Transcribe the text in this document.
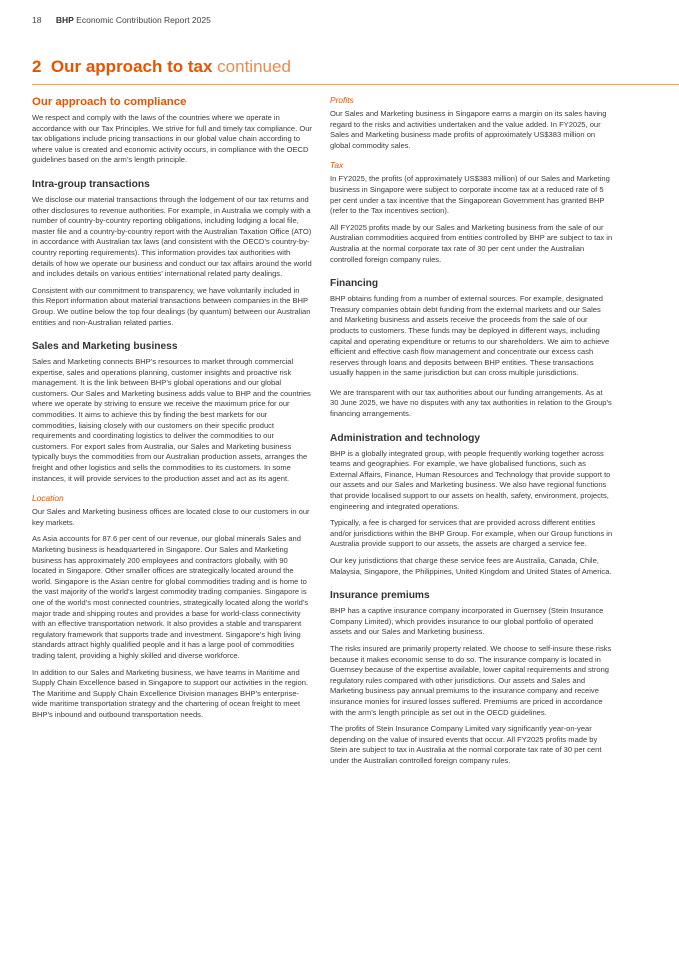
18 BHP Economic Contribution Report 2025
2  Our approach to tax continued
Our approach to compliance

We respect and comply with the laws of the countries where we operate in accordance with our Tax Principles. We strive for full and timely tax compliance. Our tax obligations include pricing transactions in our global value chain according to where value is created and economic activity occurs, in compliance with the OECD guidelines based on the arm’s length principle.

Intra-group transactions

We disclose our material transactions through the lodgement of our tax returns and other disclosures to revenue authorities. For example, in Australia we comply with a number of country-by-country reporting obligations, including lodging a local file, master file and a country-by-country report with the Australian Taxation Office (ATO) in accordance with Australian tax laws (and consistent with the OECD’s country-by-country reporting requirements). This information provides tax authorities with details of how we operate our business and conduct our tax affairs around the world and includes details on various entities’ international related party dealings.

Consistent with our commitment to transparency, we have voluntarily included in this Report information about material transactions between companies in the BHP Group. We outline below the top four dealings (by quantum) between our Australian entities and non-Australian related parties.

Sales and Marketing business

Sales and Marketing connects BHP’s resources to market through commercial expertise, sales and operations planning, customer insights and proactive risk management. It is the link between BHP’s global operations and our global customers. Our Sales and Marketing business adds value to BHP and the countries where we operate by striving to ensure we receive the maximum price for our commodities. It aims to achieve this by finding the best markets for our commodities, liaising closely with our customers on their specific product requirements and coordinating logistics to deliver the commodities to our customers. For export sales from Australia, our Sales and Marketing business typically buys the commodities from our Australian production assets, arranges the freight and other logistics and sells the commodities to its customers. In some instances, it will provide services to the production asset and act as its agent.

Location

Our Sales and Marketing business offices are located close to our customers in our key markets.

As Asia accounts for 87.6 per cent of our revenue, our global minerals Sales and Marketing business is headquartered in Singapore. Our Sales and Marketing business has approximately 200 employees and contractors globally, with 90 located in Singapore. Other smaller offices are strategically located around the world. Singapore is the Asian centre for global commodities trading and is home to the vast majority of the world’s largest commodity trading companies. Singapore is one of the world’s most connected countries, strategically located along the world’s major trade and shipping routes and provides a base for world-class connectivity with an effective transportation network. It also provides a stable and transparent regulatory framework that supports trade and investment. Singapore’s high living standards attract highly qualified people and it has a large pool of commodities trading talent, providing a highly skilled and diverse workforce.

In addition to our Sales and Marketing business, we have teams in Maritime and Supply Chain Excellence based in Singapore to support our activities in the region. The Maritime and Supply Chain Excellence Division manages BHP’s enterprise-wide maritime transportation strategy and the chartering of ocean freight to meet BHP’s inbound and outbound transportation needs.

Profits

Our Sales and Marketing business in Singapore earns a margin on its sales having regard to the risks and activities undertaken and the value added. In FY2025, our Sales and Marketing business made profits of approximately US$383 million on global commodity sales.

Tax

In FY2025, the profits (of approximately US$383 million) of our Sales and Marketing business in Singapore were subject to corporate income tax at a reduced rate of 5 per cent under a tax incentive that the Singaporean Government has granted BHP (refer to the Tax incentives section).

All FY2025 profits made by our Sales and Marketing business from the sale of our Australian commodities acquired from entities controlled by BHP are subject to tax in Australia at the normal corporate tax rate of 30 per cent under the Australian controlled foreign company rules.

Financing

BHP obtains funding from a number of external sources. For example, designated Treasury companies obtain debt funding from the external markets and our Sales and Marketing business and assets receive the proceeds from the sale of our products to customers. These funds may be deployed in different ways, including capital and operating expenditure or returns to our shareholders. We aim to achieve efficient and effective cash flow management and concentrate our excess cash reserves through loans and deposits between BHP entities. These transactions usually happen in the same jurisdiction but can cross multiple jurisdictions.

We are transparent with our tax authorities about our funding arrangements. As at 30 June 2025, we have no disputes with any tax authorities in relation to the Group’s financing arrangements.

Administration and technology

BHP is a globally integrated group, with people frequently working together across teams and geographies. For example, we have globalised functions, such as External Affairs, Finance, Human Resources and Technology that provide support to our assets and our Sales and Marketing business. We also have regional functions that provide localised support to our assets on health, safety, environment, projects, engineering and integrated operations.

Typically, a fee is charged for services that are provided across different entities and/or jurisdictions within the BHP Group. For example, when our Group functions in Australia provide support to our assets, the assets are charged a service fee.

Our key jurisdictions that charge these service fees are Australia, Canada, Chile, Malaysia, Singapore, the Philippines, United Kingdom and United States of America.

Insurance premiums

BHP has a captive insurance company incorporated in Guernsey (Stein Insurance Company Limited), which provides insurance to our global portfolio of operated assets and our Sales and Marketing business.

The risks insured are primarily property related. We choose to self-insure these risks because it makes economic sense to do so. The insurance company is located in Guernsey because of the expertise available, lower capital requirements and strong regulatory rules compared with other jurisdictions. Our assets and Sales and Marketing business pay annual premiums to the insurance company and receive insurance monies for insured losses suffered. Premiums are priced in accordance with the arm’s length principle as set out in the OECD guidelines.

The profits of Stein Insurance Company Limited vary significantly year-on-year depending on the value of insured events that occur. All FY2025 profits made by Stein are subject to tax in Australia at the normal corporate tax rate of 30 per cent under the Australian controlled foreign company rules.
